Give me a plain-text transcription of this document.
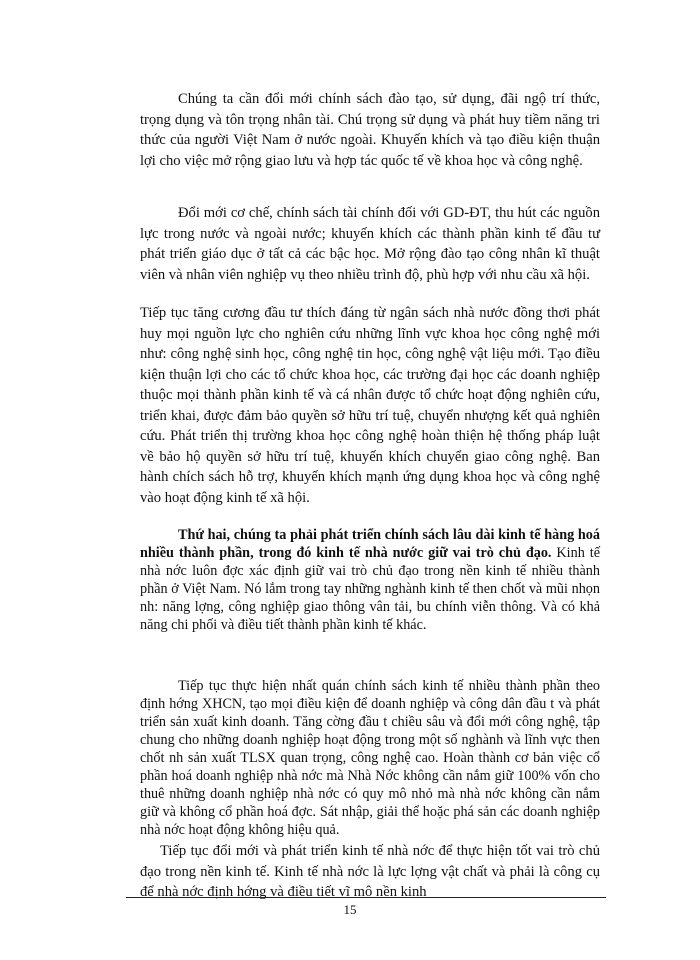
Chúng ta cần đổi mới chính sách đào tạo, sử dụng, đãi ngộ trí thức, trọng dụng và tôn trọng nhân tài. Chú trọng sử dụng và phát huy tiềm năng tri thức của người Việt Nam ở nước ngoài. Khuyến khích và tạo điều kiện thuận lợi cho việc mở rộng giao lưu và hợp tác quốc tế về khoa học và công nghệ.

Đổi mới cơ chế, chính sách tài chính đối với GD-ĐT, thu hút các nguồn lực trong nước và ngoài nước; khuyến khích các thành phần kinh tế đầu tư phát triển giáo dục ở tất cả các bậc học. Mở rộng đào tạo công nhân kĩ thuật viên và nhân viên nghiệp vụ theo nhiều trình độ, phù hợp với nhu cầu xã hội.

Tiếp tục tăng cương đầu tư thích đáng từ ngân sách nhà nước đồng thơi phát huy mọi nguồn lực cho nghiên cứu những lĩnh vực khoa học công nghệ mới như: công nghệ sinh học, công nghệ tin học, công nghệ vật liệu mới. Tạo điều kiện thuận lợi cho các tổ chức khoa học, các trường đại học các doanh nghiệp thuộc mọi thành phần kinh tế và cá nhân được tổ chức hoạt động nghiên cứu, triển khai, được đảm bảo quyền sở hữu trí tuệ, chuyển nhượng kết quả nghiên cứu. Phát triển thị trường khoa học công nghệ hoàn thiện hệ thống pháp luật về bảo hộ quyền sở hữu trí tuệ, khuyến khích chuyển giao công nghệ. Ban hành chích sách hỗ trợ, khuyến khích mạnh ứng dụng khoa học và công nghệ vào hoạt động kinh tế xã hội.

Thứ hai, chúng ta phải phát triển chính sách lâu dài kinh tế hàng hoá nhiều thành phần, trong đó kinh tế nhà nước giữ vai trò chủ đạo. Kinh tế nhà nớc luôn đợc xác định giữ vai trò chủ đạo trong nền kinh tế nhiều thành phần ở Việt Nam. Nó lắm trong tay những nghành kinh tế then chốt và mũi nhọn nh: năng lợng, công nghiệp giao thông vân tải, bu chính viễn thông. Và có khả năng chi phối và điều tiết thành phần kinh tế khác.

Tiếp tục thực hiện nhất quán chính sách kinh tế nhiều thành phần theo định hớng XHCN, tạo mọi điều kiện để doanh nghiệp và công dân đầu t và phát triển sản xuất kinh doanh. Tăng cờng đầu t chiều sâu và đổi mới công nghệ, tập chung cho những doanh nghiệp hoạt động trong một số nghành và lĩnh vực then chốt nh sản xuất TLSX quan trọng, công nghệ cao. Hoàn thành cơ bản việc cổ phần hoá doanh nghiệp nhà nớc mà Nhà Nớc không cần nắm giữ 100% vốn cho thuê những doanh nghiệp nhà nớc có quy mô nhỏ mà nhà nớc không cần nắm giữ và không cổ phần hoá đợc. Sát nhập, giải thể hoặc phá sản các doanh nghiệp nhà nớc hoạt động không hiệu quả.

Tiếp tục đổi mới và phát triển kinh tế nhà nớc để thực hiện tốt vai trò chủ đạo trong nền kinh tế. Kinh tế nhà nớc là lực lợng vật chất và phải là công cụ để nhà nớc định hớng và điều tiết vĩ mô nền kinh

15
